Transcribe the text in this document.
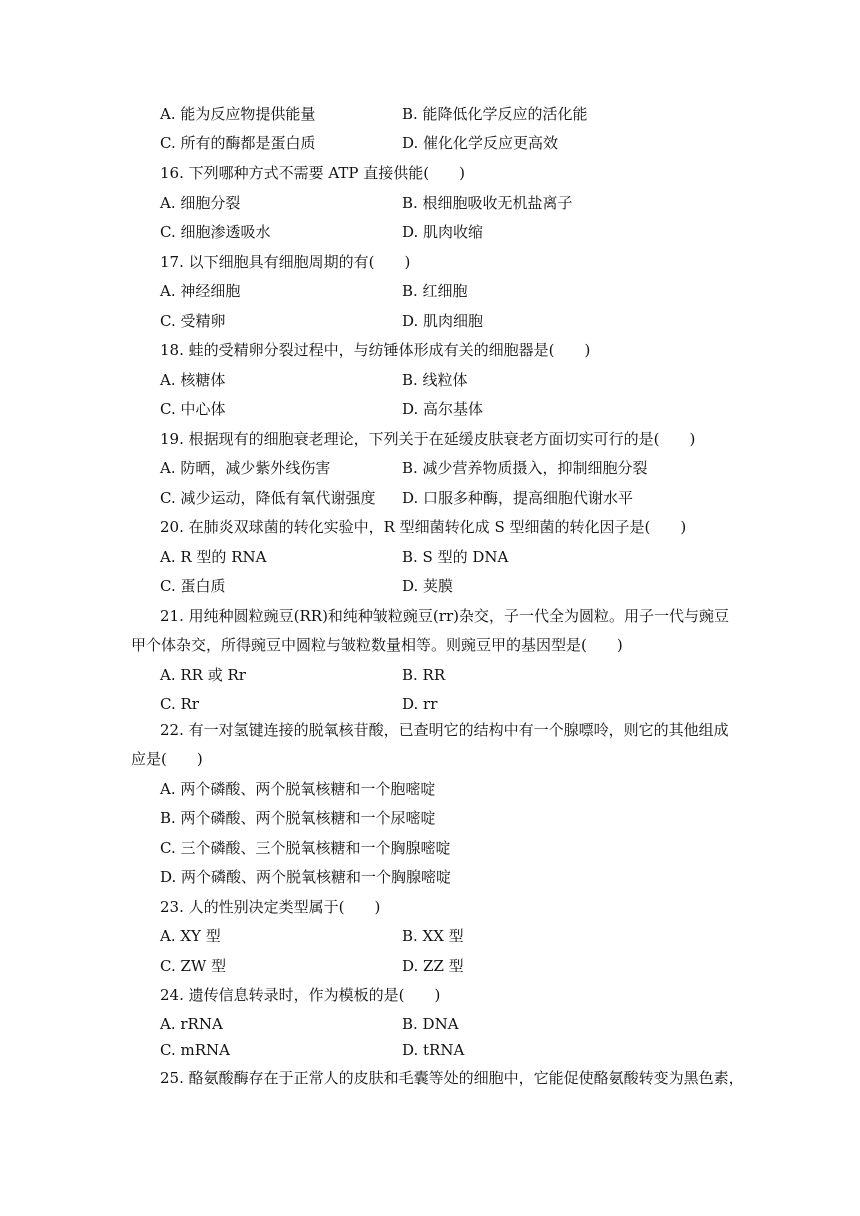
A. 能为反应物提供能量	B. 能降低化学反应的活化能
C. 所有的酶都是蛋白质	D. 催化化学反应更高效
16. 下列哪种方式不需要 ATP 直接供能(　　)
A. 细胞分裂	B. 根细胞吸收无机盐离子
C. 细胞渗透吸水	D. 肌肉收缩
17. 以下细胞具有细胞周期的有(　　)
A. 神经细胞	B. 红细胞
C. 受精卵	D. 肌肉细胞
18. 蛙的受精卵分裂过程中，与纺锤体形成有关的细胞器是(　　)
A. 核糖体	B. 线粒体
C. 中心体	D. 高尔基体
19. 根据现有的细胞衰老理论，下列关于在延缓皮肤衰老方面切实可行的是(　　)
A. 防晒，减少紫外线伤害	B. 减少营养物质摄入，抑制细胞分裂
C. 减少运动，降低有氧代谢强度 D. 口服多种酶，提高细胞代谢水平
20. 在肺炎双球菌的转化实验中，R 型细菌转化成 S 型细菌的转化因子是(　　)
A. R 型的 RNA	B. S 型的 DNA
C. 蛋白质	D. 荚膜
21. 用纯种圆粒豌豆(RR)和纯种皱粒豌豆(rr)杂交，子一代全为圆粒。用子一代与豌豆
甲个体杂交，所得豌豆中圆粒与皱粒数量相等。则豌豆甲的基因型是(　　)
A. RR 或 Rr	B. RR
C. Rr	D. rr
22. 有一对氢键连接的脱氧核苷酸，已查明它的结构中有一个腺嘌呤，则它的其他组成
应是(　　)
A. 两个磷酸、两个脱氧核糖和一个胞嘧啶
B. 两个磷酸、两个脱氧核糖和一个尿嘧啶
C. 三个磷酸、三个脱氧核糖和一个胸腺嘧啶
D. 两个磷酸、两个脱氧核糖和一个胸腺嘧啶
23. 人的性别决定类型属于(　　)
A. XY 型	B. XX 型
C. ZW 型	D. ZZ 型
24. 遗传信息转录时，作为模板的是(　　)
A. rRNA	B. DNA
C. mRNA	D. tRNA
25. 酪氨酸酶存在于正常人的皮肤和毛囊等处的细胞中，它能促使酪氨酸转变为黑色素，
